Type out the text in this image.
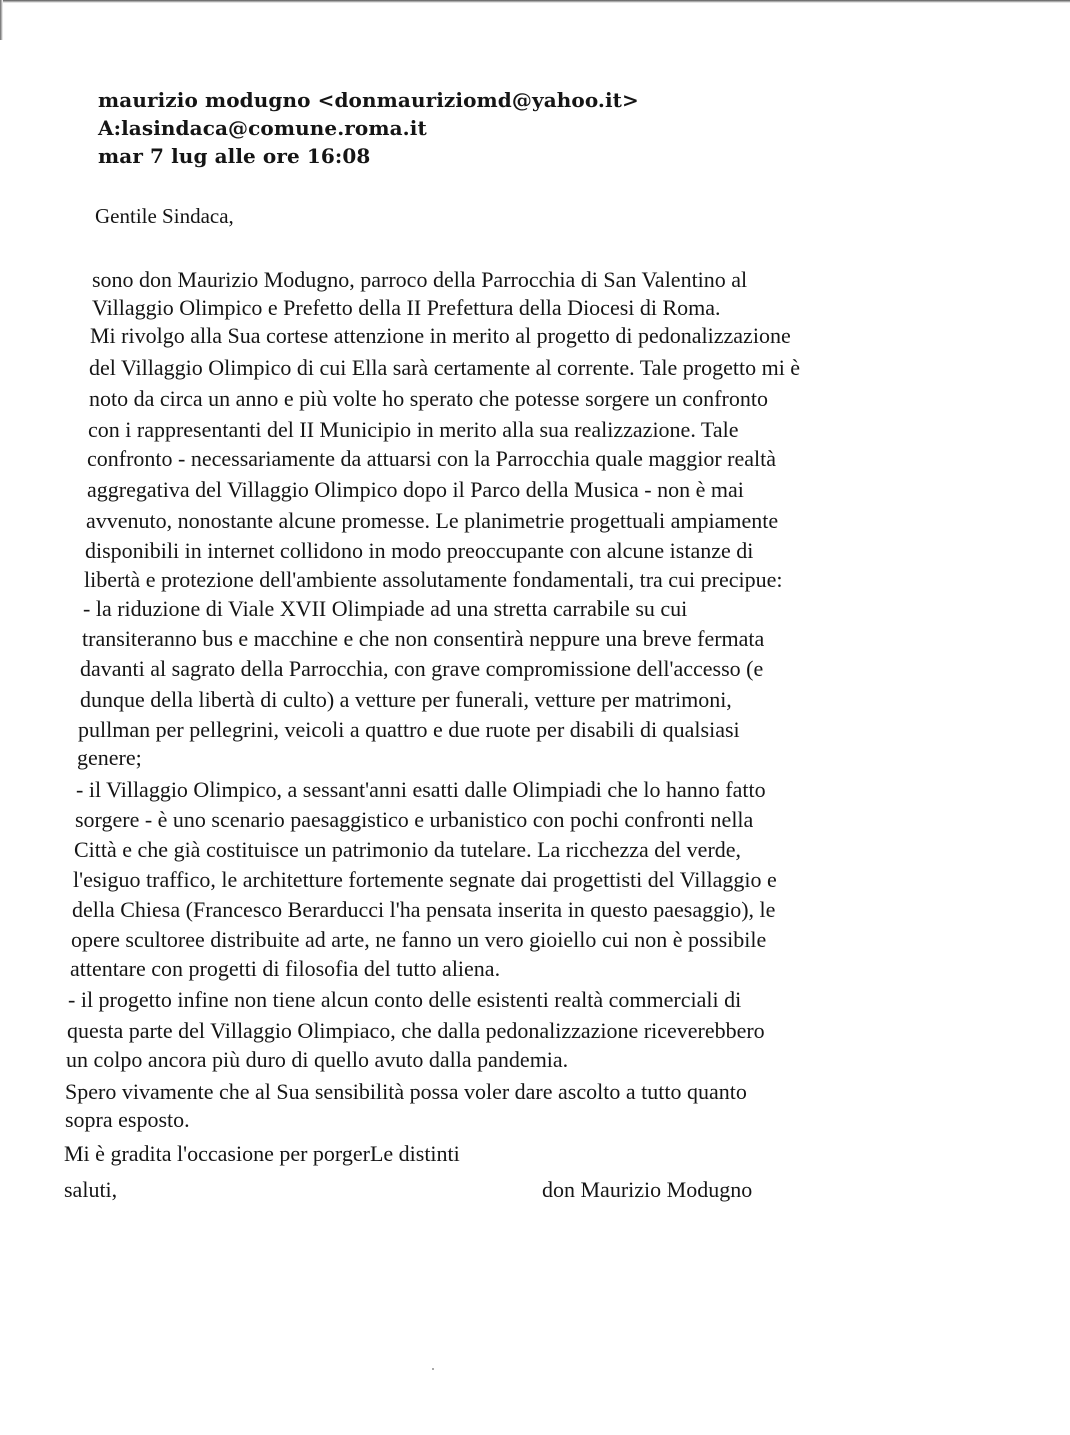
maurizio modugno <donmauriziomd@yahoo.it>
A:lasindaca@comune.roma.it
mar 7 lug alle ore 16:08
Gentile Sindaca,
sono don Maurizio Modugno, parroco della Parrocchia di San Valentino al
Villaggio Olimpico e Prefetto della II Prefettura della Diocesi di Roma.
Mi rivolgo alla Sua cortese attenzione in merito al progetto di pedonalizzazione
del Villaggio Olimpico di cui Ella sarà certamente al corrente. Tale progetto mi è
noto da circa un anno e più volte ho sperato che potesse sorgere un confronto
con i rappresentanti del II Municipio in merito alla sua realizzazione. Tale
confronto - necessariamente da attuarsi con la Parrocchia quale maggior realtà
aggregativa del Villaggio Olimpico dopo il Parco della Musica - non è mai
avvenuto, nonostante alcune promesse. Le planimetrie progettuali ampiamente
disponibili in internet collidono in modo preoccupante con alcune istanze di
libertà e protezione dell'ambiente assolutamente fondamentali, tra cui precipue:
- la riduzione di Viale XVII Olimpiade ad una stretta carrabile su cui
transiteranno bus e macchine e che non consentirà neppure una breve fermata
davanti al sagrato della Parrocchia, con grave compromissione dell'accesso (e
dunque della libertà di culto) a vetture per funerali, vetture per matrimoni,
pullman per pellegrini, veicoli a quattro e due ruote per disabili di qualsiasi
genere;
- il Villaggio Olimpico, a sessant'anni esatti dalle Olimpiadi che lo hanno fatto
sorgere - è uno scenario paesaggistico e urbanistico con pochi confronti nella
Città e che già costituisce un patrimonio da tutelare. La ricchezza del verde,
l'esiguo traffico, le architetture fortemente segnate dai progettisti del Villaggio e
della Chiesa (Francesco Berarducci l'ha pensata inserita in questo paesaggio), le
opere scultoree distribuite ad arte, ne fanno un vero gioiello cui non è possibile
attentare con progetti di filosofia del tutto aliena.
- il progetto infine non tiene alcun conto delle esistenti realtà commerciali di
questa parte del Villaggio Olimpiaco, che dalla pedonalizzazione riceverebbero
un colpo ancora più duro di quello avuto dalla pandemia.
Spero vivamente che al Sua sensibilità possa voler dare ascolto a tutto quanto
sopra esposto.
Mi è gradita l'occasione per porgerLe distinti
saluti,	don Maurizio Modugno
